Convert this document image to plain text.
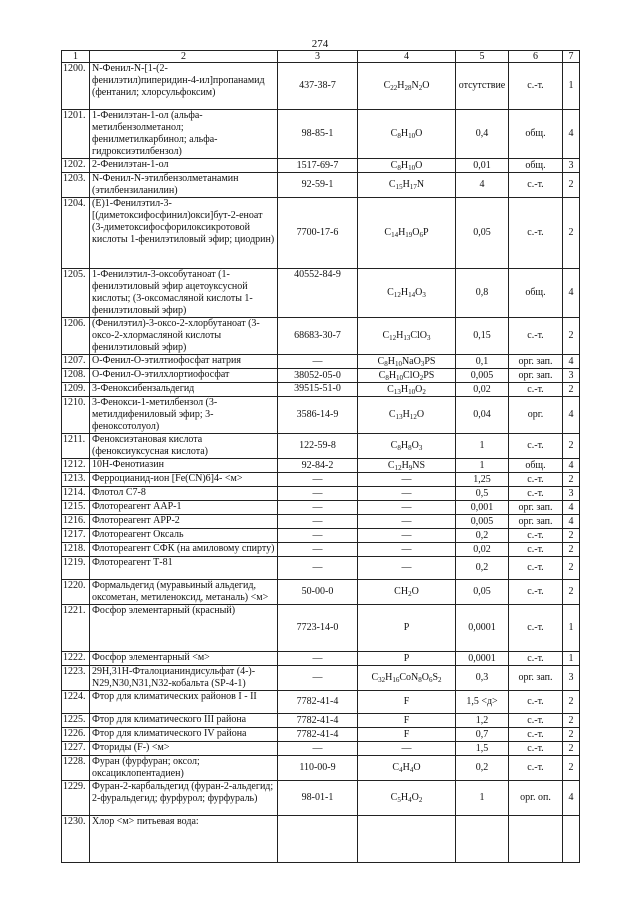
274
1	2	3	4	5	6	7
1200.	N-Фенил-N-[1-(2-фенилэтил)пиперидин-4-ил]пропанамид (фентанил; хлорсульфоксим)	437-38-7	$C_{22}H_{28}N_2O$	отсутствие	с.-т.	1
1201.	1-Фенилэтан-1-ол (альфа-метилбензолметанол; фенилметилкарбинол; альфа-гидроксиэтилбензол)	98-85-1	$C_8H_{10}O$	0,4	общ.	4
1202.	2-Фенилэтан-1-ол	1517-69-7	$C_8H_{10}O$	0,01	общ.	3
1203.	N-Фенил-N-этилбензолметанамин (этилбензиланилин)	92-59-1	$C_{15}H_{17}N$	4	с.-т.	2
1204.	(E)1-Фенилэтил-3-[(диметоксифосфинил)окси]бут-2-еноат (3-диметоксифосфорилоксикротовой кислоты 1-фенилэтиловый эфир; циодрин)	7700-17-6	$C_{14}H_{19}O_6P$	0,05	с.-т.	2
1205.	1-Фенилэтил-3-оксобутаноат (1-фенилэтиловый эфир ацетоуксусной кислоты; (3-оксомасляной кислоты 1-фенилэтиловый эфир)	40552-84-9	$C_{12}H_{14}O_3$	0,8	общ.	4
1206.	(Фенилэтил)-3-оксо-2-хлорбутаноат (3-оксо-2-хлормасляной кислоты фенилэтиловый эфир)	68683-30-7	$C_{12}H_{13}ClO_3$	0,15	с.-т.	2
1207.	О-Фенил-О-этилтиофосфат натрия	—	$C_8H_{10}NaO_3PS$	0,1	орг. зап.	4
1208.	О-Фенил-О-этилхлортиофосфат	38052-05-0	$C_8H_{10}ClO_2PS$	0,005	орг. зап.	3
1209.	3-Феноксибензальдегид	39515-51-0	$C_{13}H_{10}O_2$	0,02	с.-т.	2
1210.	3-Фенокси-1-метилбензол (3-метилдифениловый эфир; 3-феноксотолуол)	3586-14-9	$C_{13}H_{12}O$	0,04	орг.	4
1211.	Феноксиэтановая кислота (феноксиуксусная кислота)	122-59-8	$C_8H_8O_3$	1	с.-т.	2
1212.	10H-Фенотиазин	92-84-2	$C_{12}H_9NS$	1	общ.	4
1213.	Ферроцианид-ион [Fe(CN)6]4- <м>	—	—	1,25	с.-т.	2
1214.	Флотол С7-8	—	—	0,5	с.-т.	3
1215.	Флотореагент ААР-1	—	—	0,001	орг. зап.	4
1216.	Флотореагент АРР-2	—	—	0,005	орг. зап.	4
1217.	Флотореагент Оксаль	—	—	0,2	с.-т.	2
1218.	Флотореагент СФК (на амиловому спирту)	—	—	0,02	с.-т.	2
1219.	Флотореагент Т-81	—	—	0,2	с.-т.	2
1220.	Формальдегид (муравьиный альдегид, оксометан, метиленоксид, метаналь) <м>	50-00-0	$CH_2O$	0,05	с.-т.	2
1221.	Фосфор элементарный (красный)	7723-14-0	P	0,0001	с.-т.	1
1222.	Фосфор элементарный <м>	—	P	0,0001	с.-т.	1
1223.	29H,31H-Фталоцианиндисульфат (4-)-N29,N30,N31,N32-кобальта (SP-4-1)	—	$C_{32}H_{16}CoN_8O_6S_2$	0,3	орг. зап.	3
1224.	Фтор для климатических районов I - II	7782-41-4	F	1,5 <д>	с.-т.	2
1225.	Фтор для климатического III района	7782-41-4	F	1,2	с.-т.	2
1226.	Фтор для климатического IV района	7782-41-4	F	0,7	с.-т.	2
1227.	Фториды (F-) <м>	—	—	1,5	с.-т.	2
1228.	Фуран (фурфуран; оксол; оксациклопентадиен)	110-00-9	$C_4H_4O$	0,2	с.-т.	2
1229.	Фуран-2-карбальдегид (фуран-2-альдегид; 2-фуральдегид; фурфурол; фурфураль)	98-01-1	$C_5H_4O_2$	1	орг. оп.	4
1230.	Хлор <м> питьевая вода:					
